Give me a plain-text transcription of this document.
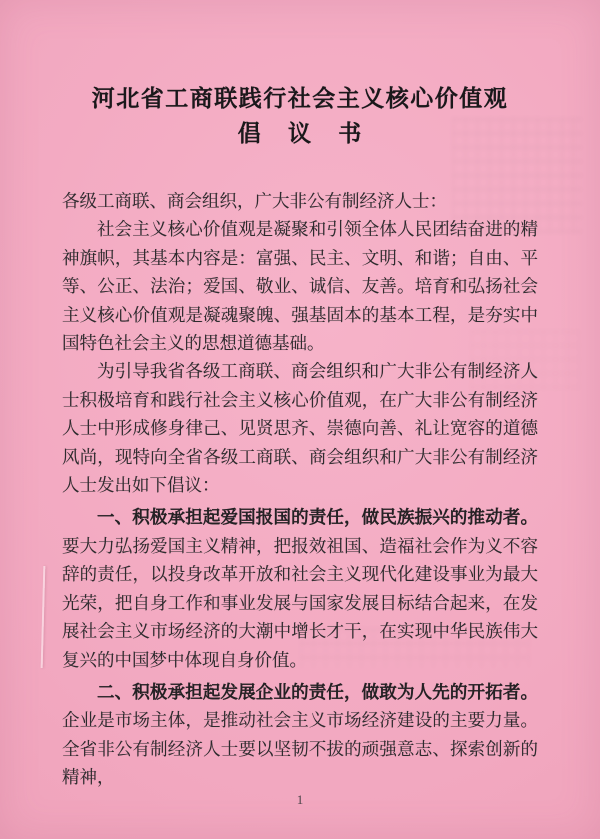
河北省工商联践行社会主义核心价值观
倡 议 书

各级工商联、商会组织，广大非公有制经济人士：

社会主义核心价值观是凝聚和引领全体人民团结奋进的精神旗帜，其基本内容是：富强、民主、文明、和谐；自由、平等、公正、法治；爱国、敬业、诚信、友善。培育和弘扬社会主义核心价值观是凝魂聚魄、强基固本的基本工程，是夯实中国特色社会主义的思想道德基础。

为引导我省各级工商联、商会组织和广大非公有制经济人士积极培育和践行社会主义核心价值观，在广大非公有制经济人士中形成修身律己、见贤思齐、崇德向善、礼让宽容的道德风尚，现特向全省各级工商联、商会组织和广大非公有制经济人士发出如下倡议：

一、积极承担起爱国报国的责任，做民族振兴的推动者。要大力弘扬爱国主义精神，把报效祖国、造福社会作为义不容辞的责任，以投身改革开放和社会主义现代化建设事业为最大光荣，把自身工作和事业发展与国家发展目标结合起来，在发展社会主义市场经济的大潮中增长才干，在实现中华民族伟大复兴的中国梦中体现自身价值。

二、积极承担起发展企业的责任，做敢为人先的开拓者。企业是市场主体，是推动社会主义市场经济建设的主要力量。全省非公有制经济人士要以坚韧不拔的顽强意志、探索创新的精神，

1
